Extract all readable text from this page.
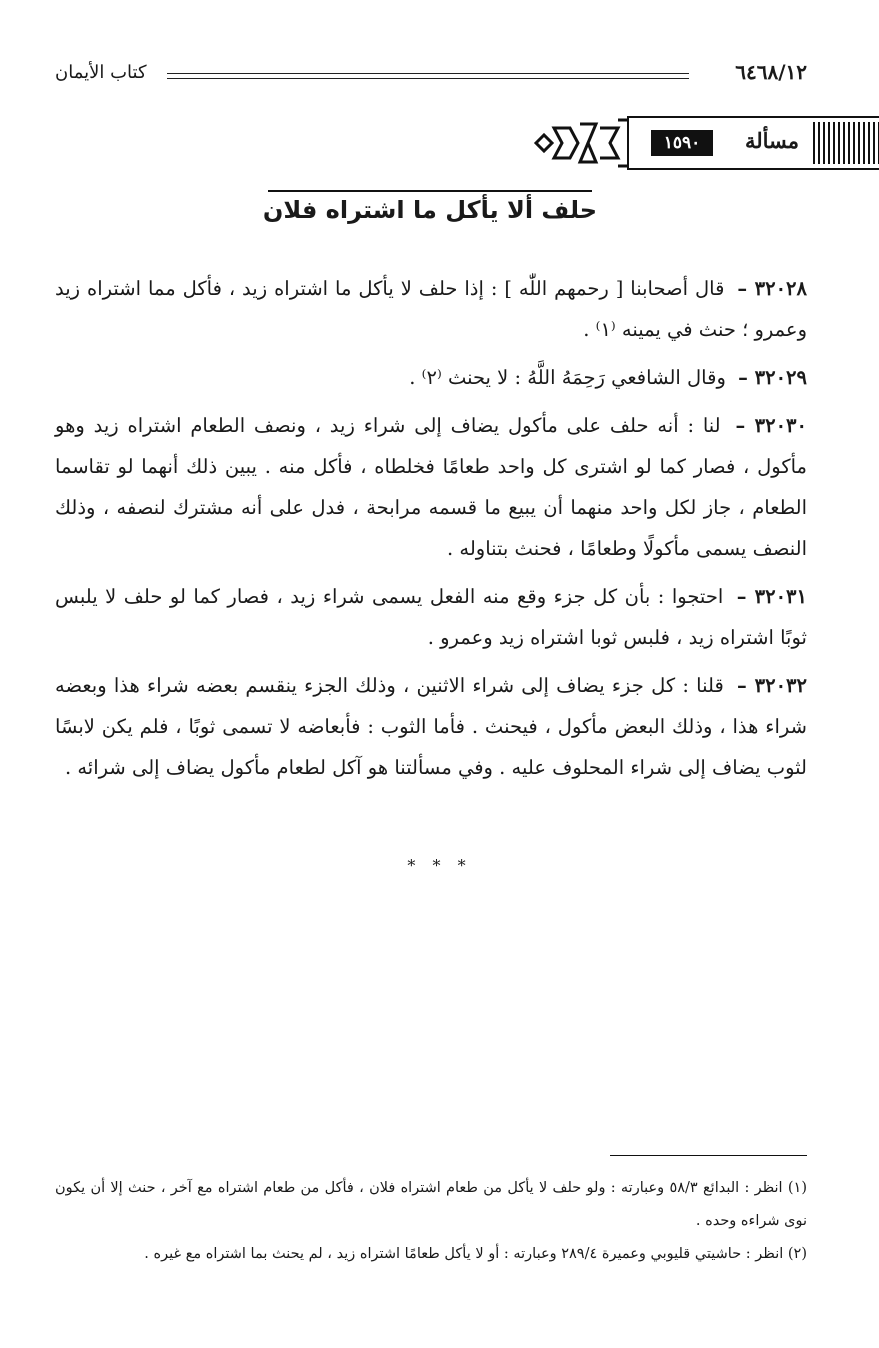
٦٤٦٨/١٢
كتاب الأيمان
مسألة
١٥٩٠
حلف ألا يأكل ما اشتراه فلان

٣٢٠٢٨ – قال أصحابنا [ رحمهم اللّٰه ] : إذا حلف لا يأكل ما اشتراه زيد ، فأكل مما اشتراه زيد وعمرو ؛ حنث في يمينه ⁽١⁾ .

٣٢٠٢٩ – وقال الشافعي رَحِمَهُ اللَّهُ : لا يحنث ⁽٢⁾ .

٣٢٠٣٠ – لنا : أنه حلف على مأكول يضاف إلى شراء زيد ، ونصف الطعام اشتراه زيد وهو مأكول ، فصار كما لو اشترى كل واحد طعامًا فخلطاه ، فأكل منه . يبين ذلك أنهما لو تقاسما الطعام ، جاز لكل واحد منهما أن يبيع ما قسمه مرابحة ، فدل على أنه مشترك لنصفه ، وذلك النصف يسمى مأكولًا وطعامًا ، فحنث بتناوله .

٣٢٠٣١ – احتجوا : بأن كل جزء وقع منه الفعل يسمى شراء زيد ، فصار كما لو حلف لا يلبس ثوبًا اشتراه زيد ، فلبس ثوبا اشتراه زيد وعمرو .

٣٢٠٣٢ – قلنا : كل جزء يضاف إلى شراء الاثنين ، وذلك الجزء ينقسم بعضه شراء هذا وبعضه شراء هذا ، وذلك البعض مأكول ، فيحنث . فأما الثوب : فأبعاضه لا تسمى ثوبًا ، فلم يكن لابسًا لثوب يضاف إلى شراء المحلوف عليه . وفي مسألتنا هو آكل لطعام مأكول يضاف إلى شرائه .

* * *

(١) انظر : البدائع ٥٨/٣ وعبارته : ولو حلف لا يأكل من طعام اشتراه فلان ، فأكل من طعام اشتراه مع آخر ، حنث إلا أن يكون نوى شراءه وحده .

(٢) انظر : حاشيتي قليوبي وعميرة ٢٨٩/٤ وعبارته : أو لا يأكل طعامًا اشتراه زيد ، لم يحنث بما اشتراه مع غيره .
